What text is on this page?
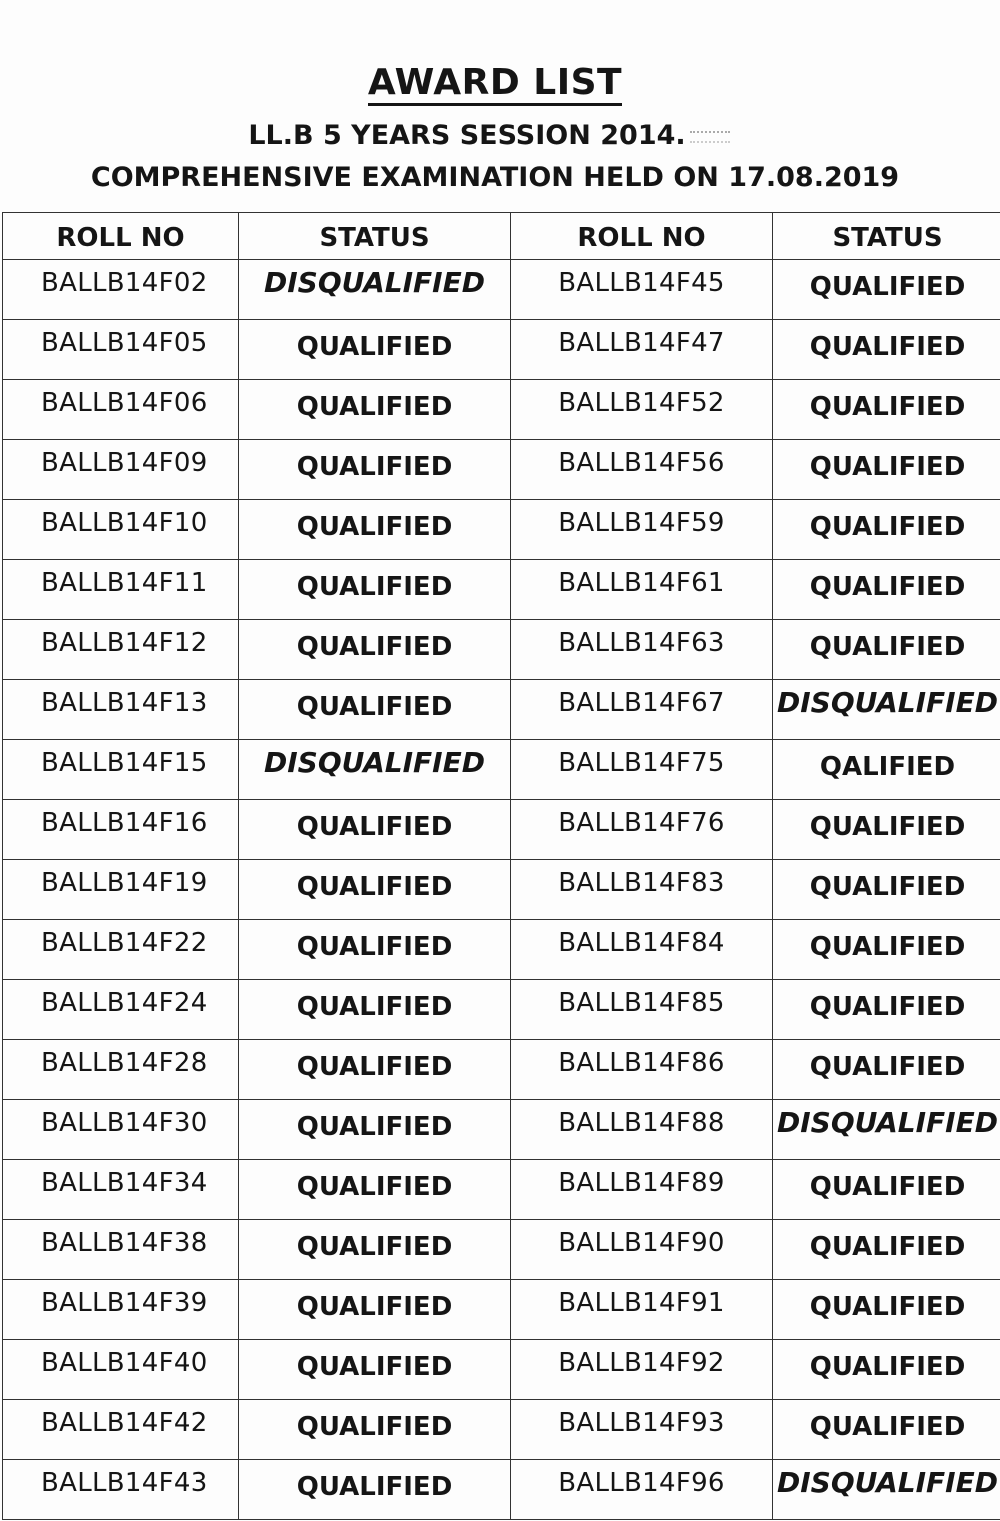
AWARD LIST
LL.B 5 YEARS SESSION 2014.
COMPREHENSIVE EXAMINATION HELD ON 17.08.2019
ROLL NO	STATUS	ROLL NO	STATUS

BALLB14F02	DISQUALIFIED	BALLB14F45	QUALIFIED

BALLB14F05	QUALIFIED	BALLB14F47	QUALIFIED

BALLB14F06	QUALIFIED	BALLB14F52	QUALIFIED

BALLB14F09	QUALIFIED	BALLB14F56	QUALIFIED

BALLB14F10	QUALIFIED	BALLB14F59	QUALIFIED

BALLB14F11	QUALIFIED	BALLB14F61	QUALIFIED

BALLB14F12	QUALIFIED	BALLB14F63	QUALIFIED

BALLB14F13	QUALIFIED	BALLB14F67	DISQUALIFIED

BALLB14F15	DISQUALIFIED	BALLB14F75	QALIFIED

BALLB14F16	QUALIFIED	BALLB14F76	QUALIFIED

BALLB14F19	QUALIFIED	BALLB14F83	QUALIFIED

BALLB14F22	QUALIFIED	BALLB14F84	QUALIFIED

BALLB14F24	QUALIFIED	BALLB14F85	QUALIFIED

BALLB14F28	QUALIFIED	BALLB14F86	QUALIFIED

BALLB14F30	QUALIFIED	BALLB14F88	DISQUALIFIED

BALLB14F34	QUALIFIED	BALLB14F89	QUALIFIED

BALLB14F38	QUALIFIED	BALLB14F90	QUALIFIED

BALLB14F39	QUALIFIED	BALLB14F91	QUALIFIED

BALLB14F40	QUALIFIED	BALLB14F92	QUALIFIED

BALLB14F42	QUALIFIED	BALLB14F93	QUALIFIED

BALLB14F43	QUALIFIED	BALLB14F96	DISQUALIFIED
